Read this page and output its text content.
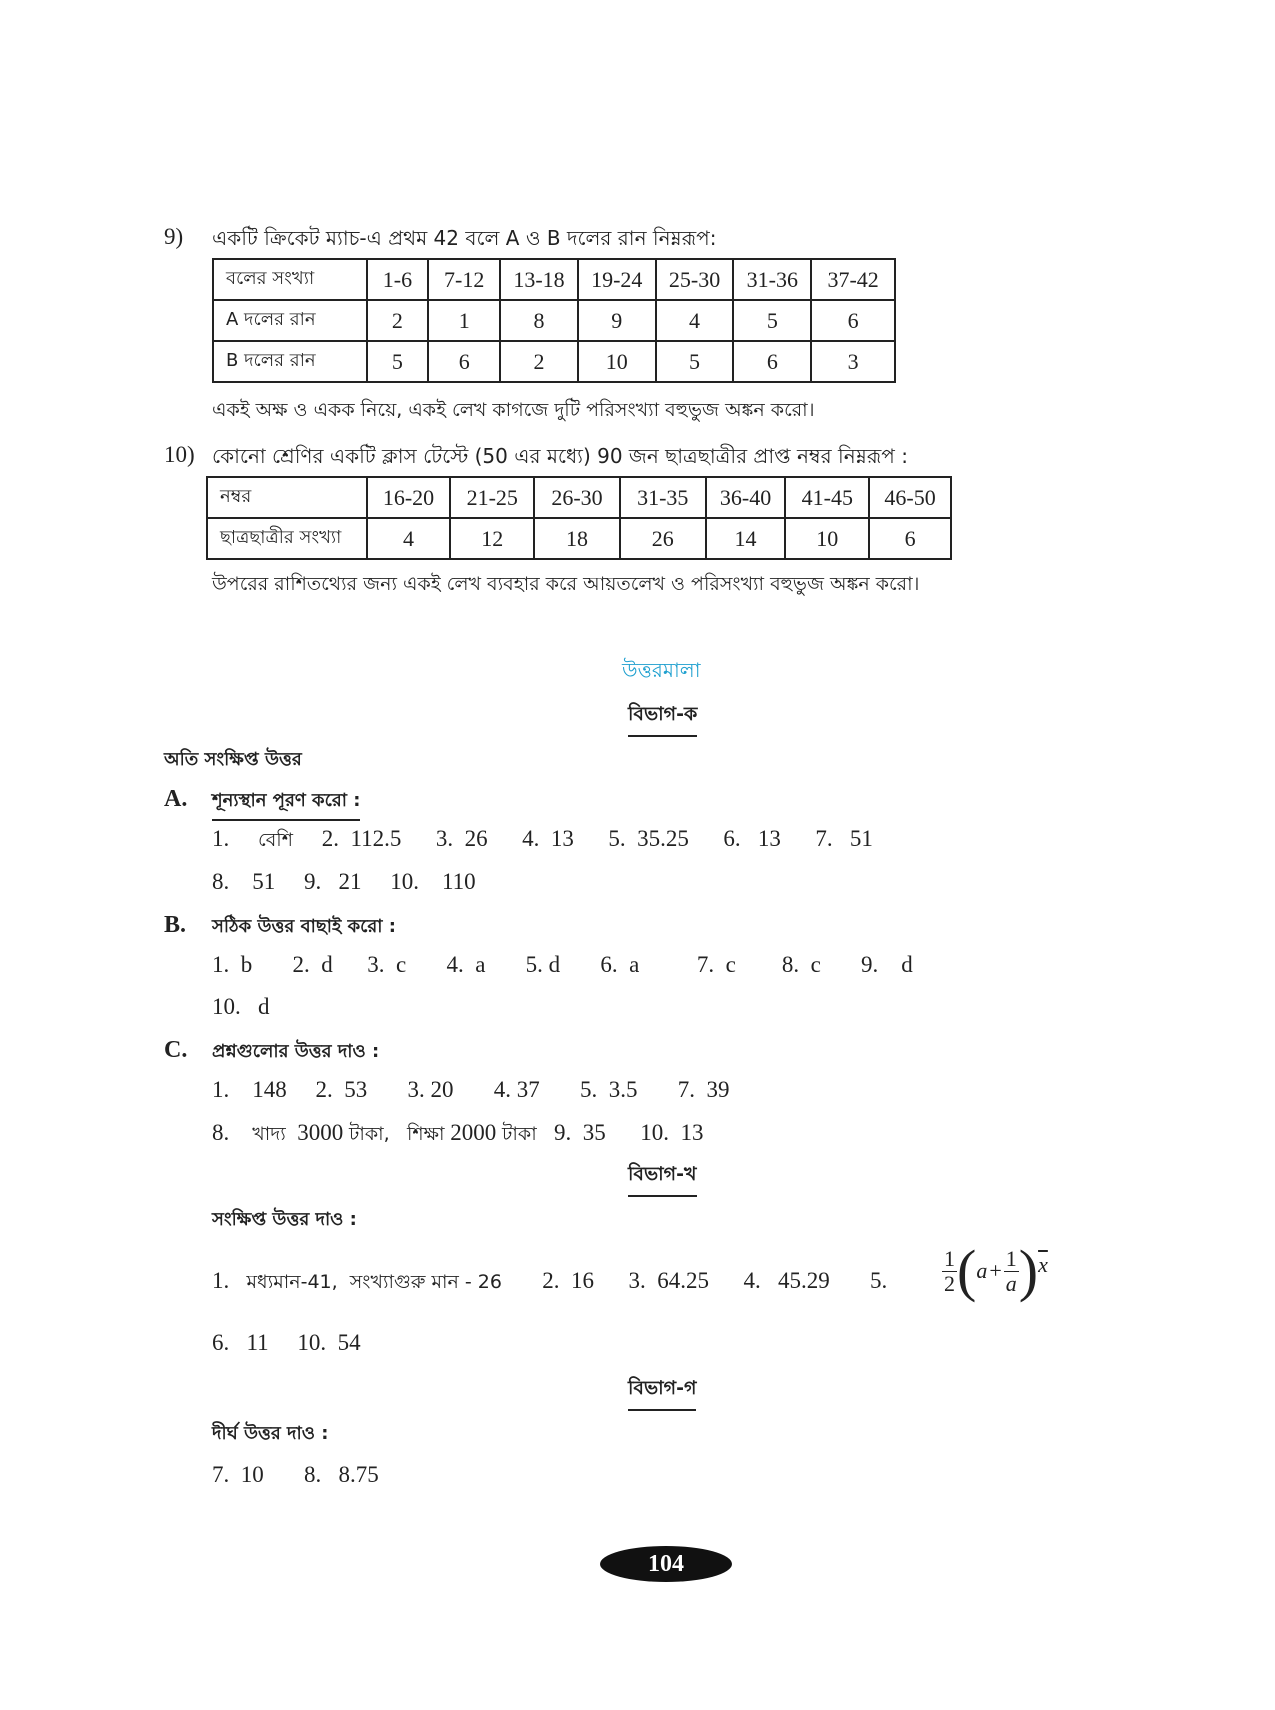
9) একটি ক্রিকেট ম্যাচ-এ প্রথম 42 বলে A ও B দলের রান নিম্নরূপ:
বলের সংখ্যা	1-6	7-12	13-18	19-24	25-30	31-36	37-42
A দলের রান	2	1	8	9	4	5	6
B দলের রান	5	6	2	10	5	6	3
একই অক্ষ ও একক নিয়ে, একই লেখ কাগজে দুটি পরিসংখ্যা বহুভুজ অঙ্কন করো।
10) কোনো শ্রেণির একটি ক্লাস টেস্টে (50 এর মধ্যে) 90 জন ছাত্রছাত্রীর প্রাপ্ত নম্বর নিম্নরূপ :
নম্বর	16-20	21-25	26-30	31-35	36-40	41-45	46-50
ছাত্রছাত্রীর সংখ্যা	4	12	18	26	14	10	6
উপরের রাশিতথ্যের জন্য একই লেখ ব্যবহার করে আয়তলেখ ও পরিসংখ্যা বহুভুজ অঙ্কন করো।
উত্তরমালা
বিভাগ-ক
অতি সংক্ষিপ্ত উত্তর
A. শূন্যস্থান পূরণ করো :
1. বেশি 2.  112.5      3.  26      4.  13      5.  35.25      6.   13      7.   51
8.    51     9.   21     10.    110
B. সঠিক উত্তর বাছাই করো :
1.  b       2.  d      3.  c       4.  a       5. d       6.  a          7.  c        8.  c       9.    d
10.   d
C. প্রশ্নগুলোর উত্তর দাও :
1.    148     2.  53       3. 20       4. 37       5.  3.5       7.  39
8. খাদ্য 3000 টাকা, শিক্ষা 2000 টাকা 9.  35      10.  13
বিভাগ-খ
সংক্ষিপ্ত উত্তর দাও :
1. মধ্যমান-41,  সংখ্যাগুরু মান - 26 2.  16      3.  64.25      4.   45.29       5. $\frac{1}{2}$ ( $a + \frac{1}{a}$ ) $\overline{x}$
6.   11     10.  54
বিভাগ-গ
দীর্ঘ উত্তর দাও :
7.  10       8.   8.75
104
